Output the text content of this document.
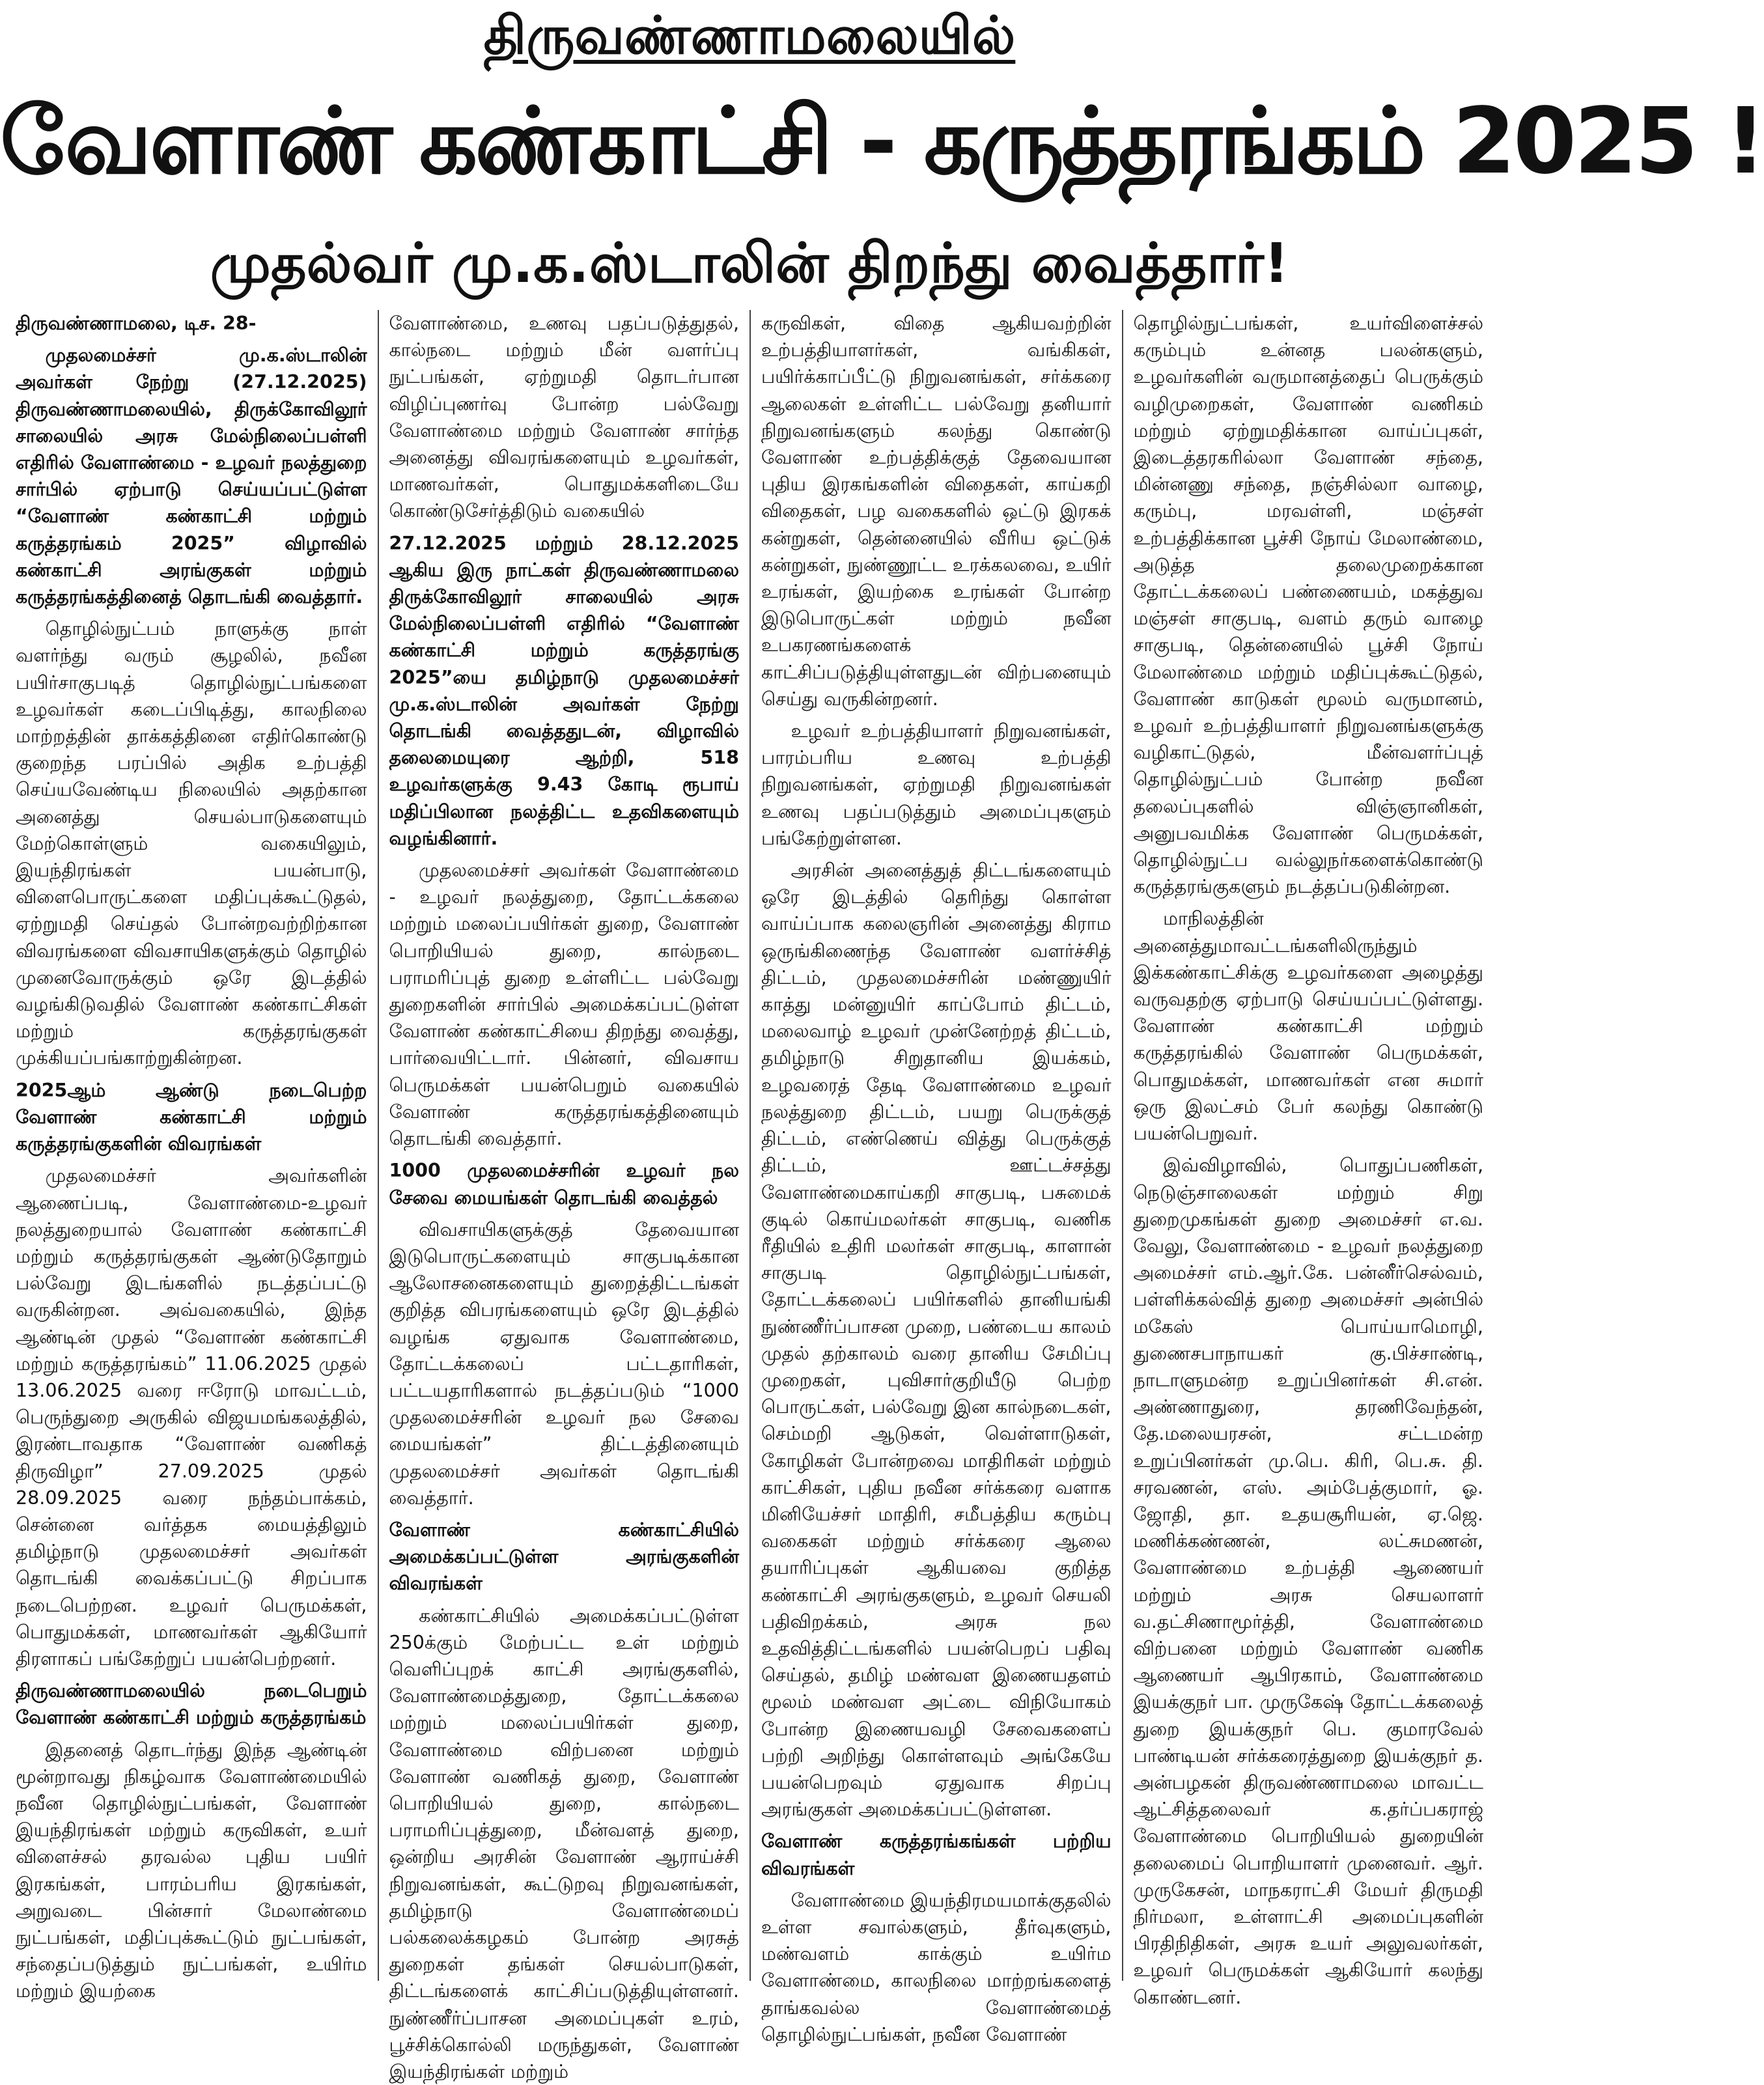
திருவண்ணாமலையில்
வேளாண் கண்காட்சி - கருத்தரங்கம் 2025 !
முதல்வர் மு.க.ஸ்டாலின் திறந்து வைத்தார்!

திருவண்ணாமலை, டிச. 28-

முதலமைச்சர் மு.க.ஸ்டாலின் அவர்கள் நேற்று (27.12.2025) திருவண்ணாமலையில், திருக்கோவிலூர் சாலையில் அரசு மேல்நிலைப்பள்ளி எதிரில் வேளாண்மை - உழவர் நலத்துறை சார்பில் ஏற்பாடு செய்யப்பட்டுள்ள “வேளாண் கண்காட்சி மற்றும் கருத்தரங்கம் 2025” விழாவில் கண்காட்சி அரங்குகள் மற்றும் கருத்தரங்கத்தினைத் தொடங்கி வைத்தார்.

தொழில்நுட்பம் நாளுக்கு நாள் வளர்ந்து வரும் சூழலில், நவீன பயிர்சாகுபடித் தொழில்நுட்பங்களை உழவர்கள் கடைப்பிடித்து, காலநிலை மாற்றத்தின் தாக்கத்தினை எதிர்கொண்டு குறைந்த பரப்பில் அதிக உற்பத்தி செய்யவேண்டிய நிலையில் அதற்கான அனைத்து செயல்பாடுகளையும் மேற்கொள்ளும் வகையிலும், இயந்திரங்கள் பயன்பாடு, விளைபொருட்களை மதிப்புக்கூட்டுதல், ஏற்றுமதி செய்தல் போன்றவற்றிற்கான விவரங்களை விவசாயிகளுக்கும் தொழில் முனைவோருக்கும் ஒரே இடத்தில் வழங்கிடுவதில் வேளாண் கண்காட்சிகள் மற்றும் கருத்தரங்குகள் முக்கியப்பங்காற்றுகின்றன.

2025ஆம் ஆண்டு நடைபெற்ற வேளாண் கண்காட்சி மற்றும் கருத்தரங்குகளின் விவரங்கள்

முதலமைச்சர் அவர்களின் ஆணைப்படி, வேளாண்மை-உழவர் நலத்துறையால் வேளாண் கண்காட்சி மற்றும் கருத்தரங்குகள் ஆண்டுதோறும் பல்வேறு இடங்களில் நடத்தப்பட்டு வருகின்றன. அவ்வகையில், இந்த ஆண்டின் முதல் “வேளாண் கண்காட்சி மற்றும் கருத்தரங்கம்” 11.06.2025 முதல் 13.06.2025 வரை ஈரோடு மாவட்டம், பெருந்துறை அருகில் விஜயமங்கலத்தில், இரண்டாவதாக “வேளாண் வணிகத் திருவிழா” 27.09.2025 முதல் 28.09.2025 வரை நந்தம்பாக்கம், சென்னை வர்த்தக மையத்திலும் தமிழ்நாடு முதலமைச்சர் அவர்கள் தொடங்கி வைக்கப்பட்டு சிறப்பாக நடைபெற்றன. உழவர் பெருமக்கள், பொதுமக்கள், மாணவர்கள் ஆகியோர் திரளாகப் பங்கேற்றுப் பயன்பெற்றனர்.

திருவண்ணாமலையில் நடைபெறும் வேளாண் கண்காட்சி மற்றும் கருத்தரங்கம்

இதனைத் தொடர்ந்து இந்த ஆண்டின் மூன்றாவது நிகழ்வாக வேளாண்மையில் நவீன தொழில்நுட்பங்கள், வேளாண் இயந்திரங்கள் மற்றும் கருவிகள், உயர் விளைச்சல் தரவல்ல புதிய பயிர் இரகங்கள், பாரம்பரிய இரகங்கள், அறுவடை பின்சார் மேலாண்மை நுட்பங்கள், மதிப்புக்கூட்டும் நுட்பங்கள், சந்தைப்படுத்தும் நுட்பங்கள், உயிர்ம மற்றும் இயற்கை

வேளாண்மை, உணவு பதப்படுத்துதல், கால்நடை மற்றும் மீன் வளர்ப்பு நுட்பங்கள், ஏற்றுமதி தொடர்பான விழிப்புணர்வு போன்ற பல்வேறு வேளாண்மை மற்றும் வேளாண் சார்ந்த அனைத்து விவரங்களையும் உழவர்கள், மாணவர்கள், பொதுமக்களிடையே கொண்டுசேர்த்திடும் வகையில்

27.12.2025 மற்றும் 28.12.2025 ஆகிய இரு நாட்கள் திருவண்ணாமலை திருக்கோவிலூர் சாலையில் அரசு மேல்நிலைப்பள்ளி எதிரில் “வேளாண் கண்காட்சி மற்றும் கருத்தரங்கு 2025”யை தமிழ்நாடு முதலமைச்சர் மு.க.ஸ்டாலின் அவர்கள் நேற்று தொடங்கி வைத்ததுடன், விழாவில் தலைமையுரை ஆற்றி, 518 உழவர்களுக்கு 9.43 கோடி ரூபாய் மதிப்பிலான நலத்திட்ட உதவிகளையும் வழங்கினார்.

முதலமைச்சர் அவர்கள் வேளாண்மை - உழவர் நலத்துறை, தோட்டக்கலை மற்றும் மலைப்பயிர்கள் துறை, வேளாண் பொறியியல் துறை, கால்நடை பராமரிப்புத் துறை உள்ளிட்ட பல்வேறு துறைகளின் சார்பில் அமைக்கப்பட்டுள்ள வேளாண் கண்காட்சியை திறந்து வைத்து, பார்வையிட்டார். பின்னர், விவசாய பெருமக்கள் பயன்பெறும் வகையில் வேளாண் கருத்தரங்கத்தினையும் தொடங்கி வைத்தார்.

1000 முதலமைச்சரின் உழவர் நல சேவை மையங்கள் தொடங்கி வைத்தல்

விவசாயிகளுக்குத் தேவையான இடுபொருட்களையும் சாகுபடிக்கான ஆலோசனைகளையும் துறைத்திட்டங்கள் குறித்த விபரங்களையும் ஒரே இடத்தில் வழங்க ஏதுவாக வேளாண்மை, தோட்டக்கலைப் பட்டதாரிகள், பட்டயதாரிகளால் நடத்தப்படும் “1000 முதலமைச்சரின் உழவர் நல சேவை மையங்கள்” திட்டத்தினையும் முதலமைச்சர் அவர்கள் தொடங்கி வைத்தார்.

வேளாண் கண்காட்சியில் அமைக்கப்பட்டுள்ள அரங்குகளின் விவரங்கள்

கண்காட்சியில் அமைக்கப்பட்டுள்ள 250க்கும் மேற்பட்ட உள் மற்றும் வெளிப்புறக் காட்சி அரங்குகளில், வேளாண்மைத்துறை, தோட்டக்கலை மற்றும் மலைப்பயிர்கள் துறை, வேளாண்மை விற்பனை மற்றும் வேளாண் வணிகத் துறை, வேளாண் பொறியியல் துறை, கால்நடை பராமரிப்புத்துறை, மீன்வளத் துறை, ஒன்றிய அரசின் வேளாண் ஆராய்ச்சி நிறுவனங்கள், கூட்டுறவு நிறுவனங்கள், தமிழ்நாடு வேளாண்மைப் பல்கலைக்கழகம் போன்ற அரசுத் துறைகள் தங்கள் செயல்பாடுகள், திட்டங்களைக் காட்சிப்படுத்தியுள்ளனர். நுண்ணீர்ப்பாசன அமைப்புகள் உரம், பூச்சிக்கொல்லி மருந்துகள், வேளாண் இயந்திரங்கள் மற்றும்

கருவிகள், விதை ஆகியவற்றின் உற்பத்தியாளர்கள், வங்கிகள், பயிர்க்காப்பீட்டு நிறுவனங்கள், சர்க்கரை ஆலைகள் உள்ளிட்ட பல்வேறு தனியார் நிறுவனங்களும் கலந்து கொண்டு வேளாண் உற்பத்திக்குத் தேவையான புதிய இரகங்களின் விதைகள், காய்கறி விதைகள், பழ வகைகளில் ஒட்டு இரகக் கன்றுகள், தென்னையில் வீரிய ஒட்டுக் கன்றுகள், நுண்ணூட்ட உரக்கலவை, உயிர் உரங்கள், இயற்கை உரங்கள் போன்ற இடுபொருட்கள் மற்றும் நவீன உபகரணங்களைக் காட்சிப்படுத்தியுள்ளதுடன் விற்பனையும் செய்து வருகின்றனர்.

உழவர் உற்பத்தியாளர் நிறுவனங்கள், பாரம்பரிய உணவு உற்பத்தி நிறுவனங்கள், ஏற்றுமதி நிறுவனங்கள் உணவு பதப்படுத்தும் அமைப்புகளும் பங்கேற்றுள்ளன.

அரசின் அனைத்துத் திட்டங்களையும் ஒரே இடத்தில் தெரிந்து கொள்ள வாய்ப்பாக கலைஞரின் அனைத்து கிராம ஒருங்கிணைந்த வேளாண் வளர்ச்சித் திட்டம், முதலமைச்சரின் மண்ணுயிர் காத்து மன்னுயிர் காப்போம் திட்டம், மலைவாழ் உழவர் முன்னேற்றத் திட்டம், தமிழ்நாடு சிறுதானிய இயக்கம், உழவரைத் தேடி வேளாண்மை உழவர் நலத்துறை திட்டம், பயறு பெருக்குத் திட்டம், எண்ணெய் வித்து பெருக்குத் திட்டம், ஊட்டச்சத்து வேளாண்மைகாய்கறி சாகுபடி, பசுமைக் குடில் கொய்மலர்கள் சாகுபடி, வணிக ரீதியில் உதிரி மலர்கள் சாகுபடி, காளான் சாகுபடி தொழில்நுட்பங்கள், தோட்டக்கலைப் பயிர்களில் தானியங்கி நுண்ணீர்ப்பாசன முறை, பண்டைய காலம் முதல் தற்காலம் வரை தானிய சேமிப்பு முறைகள், புவிசார்குறியீடு பெற்ற பொருட்கள், பல்வேறு இன கால்நடைகள், செம்மறி ஆடுகள், வெள்ளாடுகள், கோழிகள் போன்றவை மாதிரிகள் மற்றும் காட்சிகள், புதிய நவீன சர்க்கரை வளாக மினியேச்சர் மாதிரி, சமீபத்திய கரும்பு வகைகள் மற்றும் சர்க்கரை ஆலை தயாரிப்புகள் ஆகியவை குறித்த கண்காட்சி அரங்குகளும், உழவர் செயலி பதிவிறக்கம், அரசு நல உதவித்திட்டங்களில் பயன்பெறப் பதிவு செய்தல், தமிழ் மண்வள இணையதளம் மூலம் மண்வள அட்டை விநியோகம் போன்ற இணையவழி சேவைகளைப் பற்றி அறிந்து கொள்ளவும் அங்கேயே பயன்பெறவும் ஏதுவாக சிறப்பு அரங்குகள் அமைக்கப்பட்டுள்ளன.

வேளாண் கருத்தரங்கங்கள் பற்றிய விவரங்கள்

வேளாண்மை இயந்திரமயமாக்குதலில் உள்ள சவால்களும், தீர்வுகளும், மண்வளம் காக்கும் உயிர்ம வேளாண்மை, காலநிலை மாற்றங்களைத் தாங்கவல்ல வேளாண்மைத் தொழில்நுட்பங்கள், நவீன வேளாண்

தொழில்நுட்பங்கள், உயர்விளைச்சல் கரும்பும் உன்னத பலன்களும், உழவர்களின் வருமானத்தைப் பெருக்கும் வழிமுறைகள், வேளாண் வணிகம் மற்றும் ஏற்றுமதிக்கான வாய்ப்புகள், இடைத்தரகரில்லா வேளாண் சந்தை, மின்னணு சந்தை, நஞ்சில்லா வாழை, கரும்பு, மரவள்ளி, மஞ்சள் உற்பத்திக்கான பூச்சி நோய் மேலாண்மை, அடுத்த தலைமுறைக்கான தோட்டக்கலைப் பண்ணையம், மகத்துவ மஞ்சள் சாகுபடி, வளம் தரும் வாழை சாகுபடி, தென்னையில் பூச்சி நோய் மேலாண்மை மற்றும் மதிப்புக்கூட்டுதல், வேளாண் காடுகள் மூலம் வருமானம், உழவர் உற்பத்தியாளர் நிறுவனங்களுக்கு வழிகாட்டுதல், மீன்வளர்ப்புத் தொழில்நுட்பம் போன்ற நவீன தலைப்புகளில் விஞ்ஞானிகள், அனுபவமிக்க வேளாண் பெருமக்கள், தொழில்நுட்ப வல்லுநர்களைக்கொண்டு கருத்தரங்குகளும் நடத்தப்படுகின்றன.

மாநிலத்தின் அனைத்துமாவட்டங்களிலிருந்தும் இக்கண்காட்சிக்கு உழவர்களை அழைத்து வருவதற்கு ஏற்பாடு செய்யப்பட்டுள்ளது. வேளாண் கண்காட்சி மற்றும் கருத்தரங்கில் வேளாண் பெருமக்கள், பொதுமக்கள், மாணவர்கள் என சுமார் ஒரு இலட்சம் பேர் கலந்து கொண்டு பயன்பெறுவர்.

இவ்விழாவில், பொதுப்பணிகள், நெடுஞ்சாலைகள் மற்றும் சிறு துறைமுகங்கள் துறை அமைச்சர் எ.வ. வேலு, வேளாண்மை - உழவர் நலத்துறை அமைச்சர் எம்.ஆர்.கே. பன்னீர்செல்வம், பள்ளிக்கல்வித் துறை அமைச்சர் அன்பில் மகேஸ் பொய்யாமொழி, துணைசபாநாயகர் கு.பிச்சாண்டி, நாடாளுமன்ற உறுப்பினர்கள் சி.என். அண்ணாதுரை, தரணிவேந்தன், தே.மலையரசன், சட்டமன்ற உறுப்பினர்கள் மு.பெ. கிரி, பெ.சு. தி. சரவணன், எஸ். அம்பேத்குமார், ஓ. ஜோதி, தா. உதயசூரியன், ஏ.ஜெ. மணிக்கண்ணன், லட்சுமணன், வேளாண்மை உற்பத்தி ஆணையர் மற்றும் அரசு செயலாளர் வ.தட்சிணாமூர்த்தி, வேளாண்மை விற்பனை மற்றும் வேளாண் வணிக ஆணையர் ஆபிரகாம், வேளாண்மை இயக்குநர் பா. முருகேஷ் தோட்டக்கலைத் துறை இயக்குநர் பெ. குமாரவேல் பாண்டியன் சர்க்கரைத்துறை இயக்குநர் த. அன்பழகன் திருவண்ணாமலை மாவட்ட ஆட்சித்தலைவர் க.தர்ப்பகராஜ் வேளாண்மை பொறியியல் துறையின் தலைமைப் பொறியாளர் முனைவர். ஆர். முருகேசன், மாநகராட்சி மேயர் திருமதி நிர்மலா, உள்ளாட்சி அமைப்புகளின் பிரதிநிதிகள், அரசு உயர் அலுவலர்கள், உழவர் பெருமக்கள் ஆகியோர் கலந்து கொண்டனர்.
